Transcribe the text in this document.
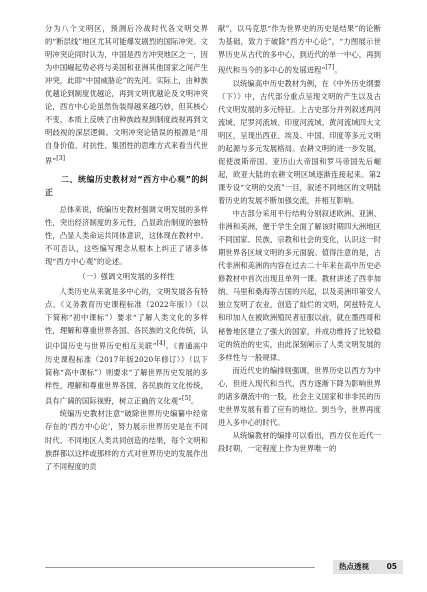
分为八个文明区，预测后冷战时代各文明交界的“断层线”地区尤其可能爆发剧烈的国际冲突。文明冲突论同时认为，中国是西方冲突地区之一，因为中国崛起势必将与美国和亚洲其他国家之间产生冲突，此即“中国威胁论”的先河。实际上，由种族优越论到制度优越论，再到文明优越论及文明冲突论，西方中心论虽然伪装得越来越巧妙，但其核心不变，本质上反映了由种族歧视到制度歧视再到文明歧视的深层逻辑。文明冲突论错误的根源是“用自身价值、对抗性、集团性的思维方式来看当代世界”[3]

二、统编历史教材对“西方中心观”的纠正

总体来说，统编历史教材强调文明发展的多样性，突出经济制度的多元性，凸显政治制度的独特性，凸显人类命运共同体意识，这体现在教材中。不可否认，这些编写理念从根本上纠正了诸多体现“西方中心观”的论述。

（一）强调文明发展的多样性

人类历史从来就是多中心的，文明发展各有特点。《义务教育历史课程标准（2022年版）》（以下简称“初中课标”）要求“了解人类文化的多样性，理解和尊重世界各国、各民族的文化传统，认识中国历史与世界历史相互关联”[4]。《普通高中历史课程标准（2017年版2020年修订）》（以下简称“高中课标”）则要求“了解世界历史发展的多样性，理解和尊重世界各国、各民族的文化传统，具有广阔的国际视野，树立正确的文化观”[5]。

统编历史教材注意“破除世界历史编纂中经常存在的‘西方中心论’，努力展示世界历史是在不同时代、不同地区人类共同创造的结果，每个文明和族群都以这样或那样的方式对世界历史的发展作出了不同程度的贡

献”，以马克思“作为世界史的历史是结果”的论断为基础，致力于破除“西方中心论”，“力图展示世界历史从古代的多中心，到近代的单一中心，再到现代和当今的多中心的发展进程”[7]。

以统编高中历史教材为例，在《中外历史纲要（下）》中，古代部分重点呈现文明的产生以及古代文明发展的多元特征。上古史部分并列叙述两河流域、尼罗河流域、印度河流域、黄河流域四大文明区，呈现出西亚、埃及、中国、印度等多元文明的起源与多元发展格局。农耕文明的进一步发展，促使波斯帝国、亚历山大帝国和罗马帝国先后崛起，欧亚大陆的农耕文明区域逐渐连接起来。第2课专设“文明的交流”一目，叙述不同地区的文明陆着历史的发展不断加强交流，并相互影响。

中古部分采用平行结构分别叙述欧洲、亚洲、非洲和美洲，便于学生全面了解该时期四大洲地区不同国家、民族、宗教和社会的变化，认识这一时期世界各区域文明的多元面貌。值得注意的是，古代非洲和美洲的内容在过去二十年来在高中历史必修教材中首次出现且单列一课。教材讲述了西非加纳、马里和桑海等古国的兴起，以及美洲印第安人独立发明了农业，创造了灿烂的文明，阿兹特克人和印加人在被欧洲殖民者征服以前，就在墨西哥和秘鲁地区建立了强大的国家，并成功维持了比较稳定的统治的史实，由此深刻阐示了人类文明发展的多样性与一般规律。

而近代史的编排则强调，世界历史以西方为中心，但进入现代和当代，西方逐渐下降为影响世界的诸多潮流中的一股，社会主义国家和非非民的历史世界发展有着了应有的地位。到当今，世界再度进入多中心的时代。

从统编教材的编排可以看出，西方仅在近代一段时期，一定程度上作为世界唯一的

热点透视 05
